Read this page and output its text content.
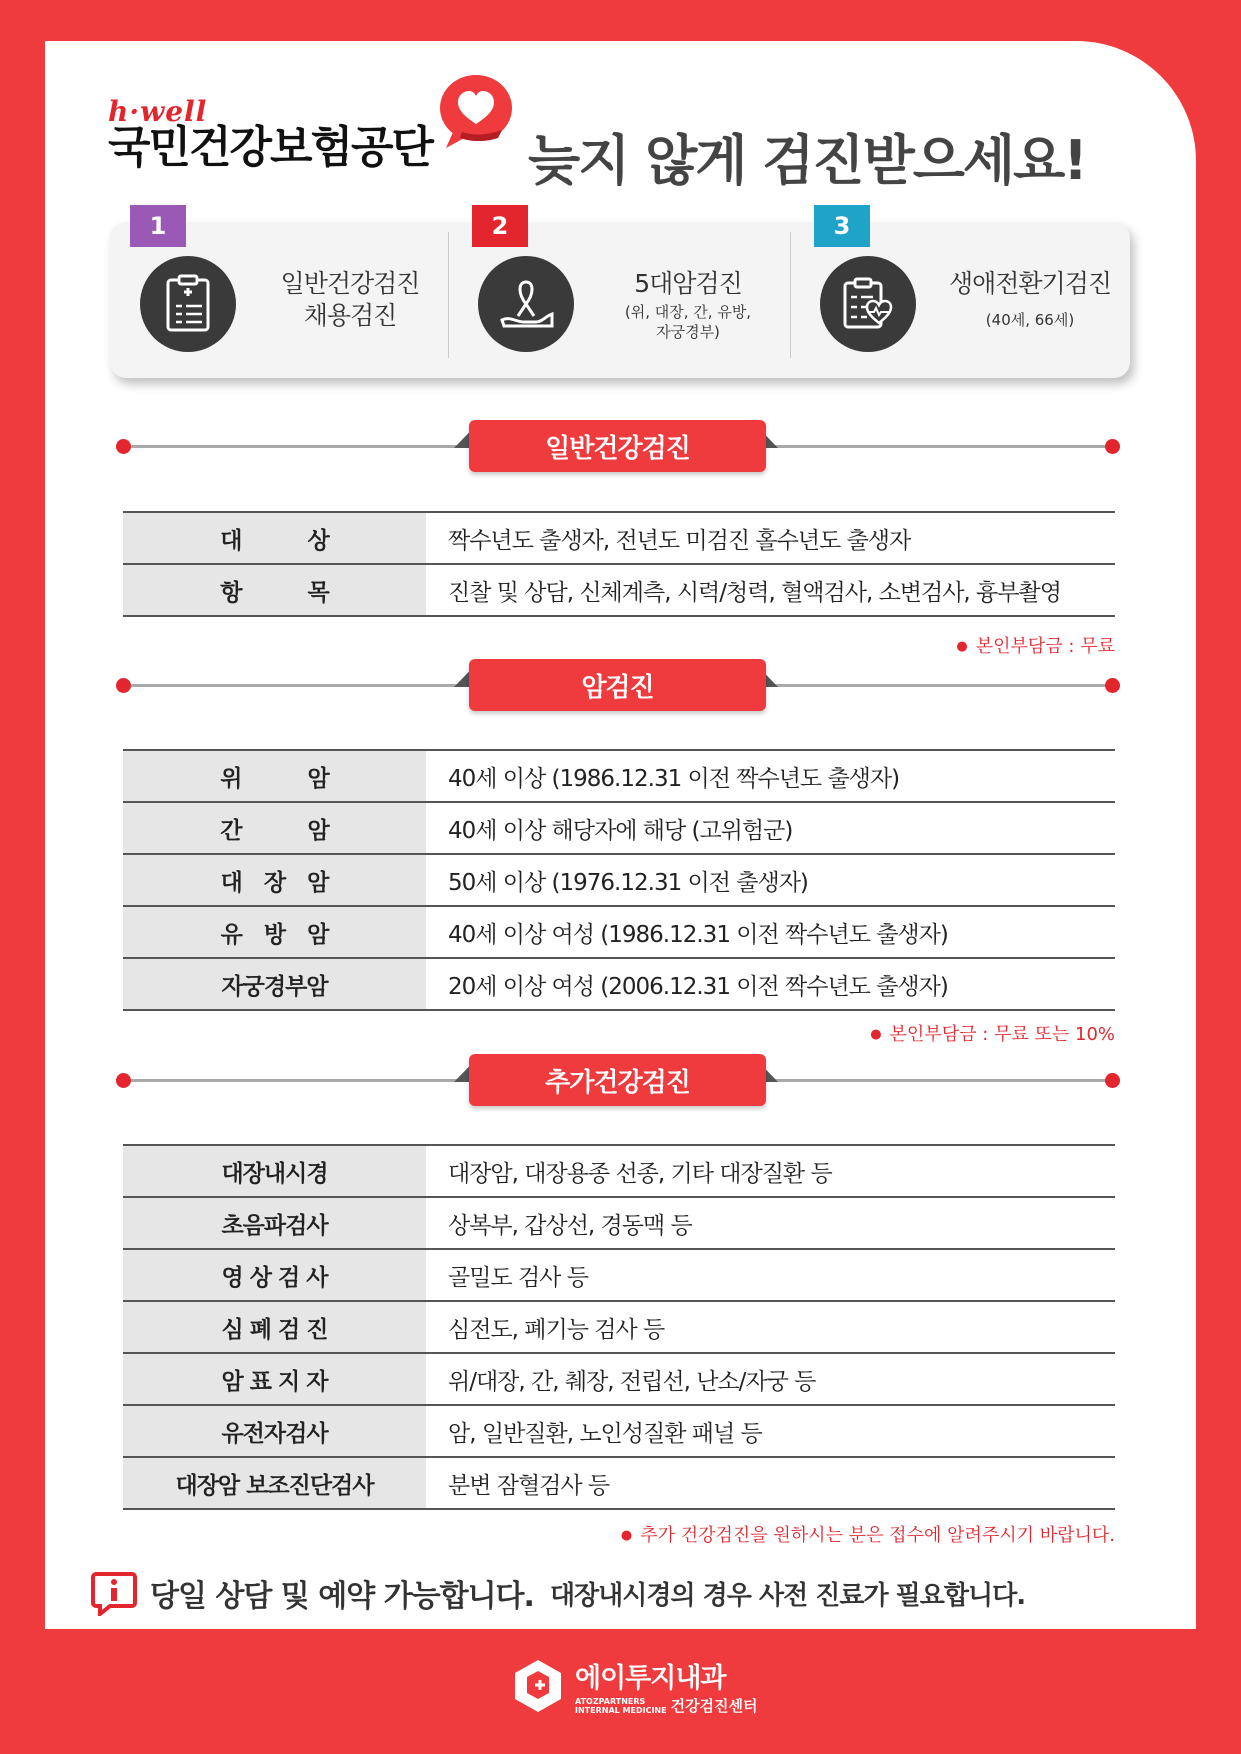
h·well
국민건강보험공단 늦지 않게 검진받으세요!
일반건강검진
채용검진
5대암검진
(위, 대장, 간, 유방,
자궁경부)
생애전환기검진
(40세, 66세)
1	2	3
일반건강검진
대　　　상	짝수년도 출생자, 전년도 미검진 홀수년도 출생자
항　　　목	진찰 및 상담, 신체계측, 시력/청력, 혈액검사, 소변검사, 흉부촬영
● 본인부담금 : 무료
암검진
위　　　암	40세 이상 (1986.12.31 이전 짝수년도 출생자)
간　　　암	40세 이상 해당자에 해당 (고위험군)
대　장　암	50세 이상 (1976.12.31 이전 출생자)
유　방　암	40세 이상 여성 (1986.12.31 이전 짝수년도 출생자)
자궁경부암	20세 이상 여성 (2006.12.31 이전 짝수년도 출생자)
● 본인부담금 : 무료 또는 10%
추가건강검진
대장내시경	대장암, 대장용종 선종, 기타 대장질환 등
초음파검사	상복부, 갑상선, 경동맥 등
영 상 검 사	골밀도 검사 등
심 폐 검 진	심전도, 폐기능 검사 등
암 표 지 자	위/대장, 간, 췌장, 전립선, 난소/자궁 등
유전자검사	암, 일반질환, 노인성질환 패널 등
대장암 보조진단검사	분변 잠혈검사 등
● 추가 건강검진을 원하시는 분은 접수에 알려주시기 바랍니다.
당일 상담 및 예약 가능합니다. 대장내시경의 경우 사전 진료가 필요합니다.
에이투지내과
ATOZPARTNERS
INTERNAL MEDICINE 건강검진센터
